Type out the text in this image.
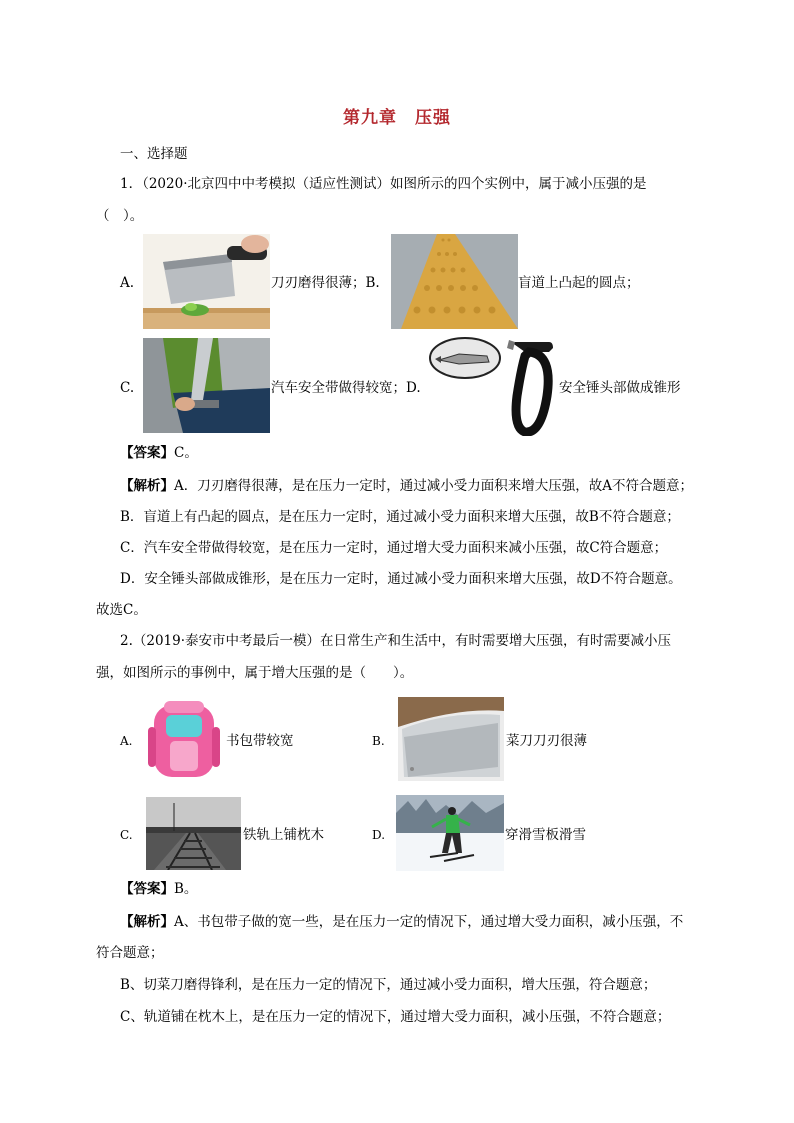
第九章　压强
一、选择题
1．（2020·北京四中中考模拟（适应性测试）如图所示的四个实例中，属于减小压强的是
（　）。
A.	刀刃磨得很薄；B.	盲道上凸起的圆点；
C.	汽车安全带做得较宽；D.	安全锤头部做成锥形
【答案】C。
【解析】A．刀刃磨得很薄，是在压力一定时，通过减小受力面积来增大压强，故A不符合题意；
B．盲道上有凸起的圆点，是在压力一定时，通过减小受力面积来增大压强，故B不符合题意；
C．汽车安全带做得较宽，是在压力一定时，通过增大受力面积来减小压强，故C符合题意；
D．安全锤头部做成锥形，是在压力一定时，通过减小受力面积来增大压强，故D不符合题意。
故选C。
2.（2019·泰安市中考最后一模）在日常生产和生活中，有时需要增大压强，有时需要减小压
强，如图所示的事例中，属于增大压强的是（　　）。
A.	书包带较宽	B.	菜刀刀刃很薄
C.	铁轨上铺枕木	D.	穿滑雪板滑雪
【答案】B。
【解析】A、书包带子做的宽一些，是在压力一定的情况下，通过增大受力面积，减小压强，不
符合题意；
B、切菜刀磨得锋利，是在压力一定的情况下，通过减小受力面积，增大压强，符合题意；
C、轨道铺在枕木上，是在压力一定的情况下，通过增大受力面积，减小压强，不符合题意；
